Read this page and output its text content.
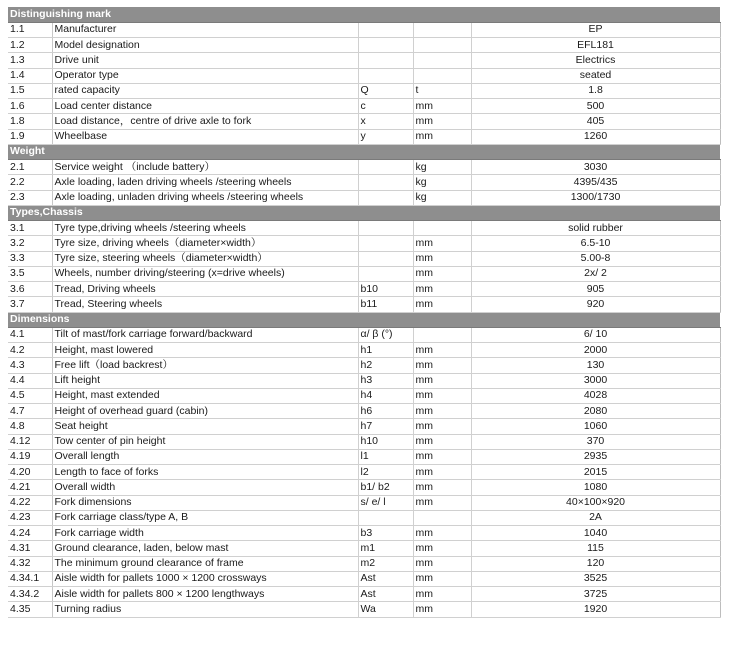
Distinguishing mark				
1.1	Manufacturer			EP
1.2	Model designation			EFL181
1.3	Drive unit			Electrics
1.4	Operator type			seated
1.5	rated capacity	Q	t	1.8
1.6	Load center distance	c	mm	500
1.8	Load distance，centre of drive axle to fork	x	mm	405
1.9	Wheelbase	y	mm	1260
Weight				
2.1	Service weight （include battery）		kg	3030
2.2	Axle loading, laden driving wheels /steering wheels		kg	4395/435
2.3	Axle loading, unladen driving wheels /steering wheels		kg	1300/1730
Types,Chassis				
3.1	Tyre type,driving wheels /steering wheels			solid rubber
3.2	Tyre size, driving wheels（diameter×width）		mm	6.5-10
3.3	Tyre size, steering wheels（diameter×width）		mm	5.00-8
3.5	Wheels, number driving/steering (x=drive wheels)		mm	2x/ 2
3.6	Tread, Driving wheels	b10	mm	905
3.7	Tread, Steering wheels	b11	mm	920
Dimensions				
4.1	Tilt of mast/fork carriage forward/backward	α/ β (°)		6/ 10
4.2	Height, mast lowered	h1	mm	2000
4.3	Free lift（load backrest）	h2	mm	130
4.4	Lift height	h3	mm	3000
4.5	Height, mast extended	h4	mm	4028
4.7	Height of overhead guard (cabin)	h6	mm	2080
4.8	Seat height	h7	mm	1060
4.12	Tow center of pin height	h10	mm	370
4.19	Overall length	l1	mm	2935
4.20	Length to face of forks	l2	mm	2015
4.21	Overall width	b1/ b2	mm	1080
4.22	Fork dimensions	s/ e/ l	mm	40×100×920
4.23	Fork carriage class/type A, B			2A
4.24	Fork carriage width	b3	mm	1040
4.31	Ground clearance, laden, below mast	m1	mm	115
4.32	The minimum ground clearance of frame	m2	mm	120
4.34.1	Aisle width for pallets 1000 × 1200 crossways	Ast	mm	3525
4.34.2	Aisle width for pallets 800 × 1200 lengthways	Ast	mm	3725
4.35	Turning radius	Wa	mm	1920
